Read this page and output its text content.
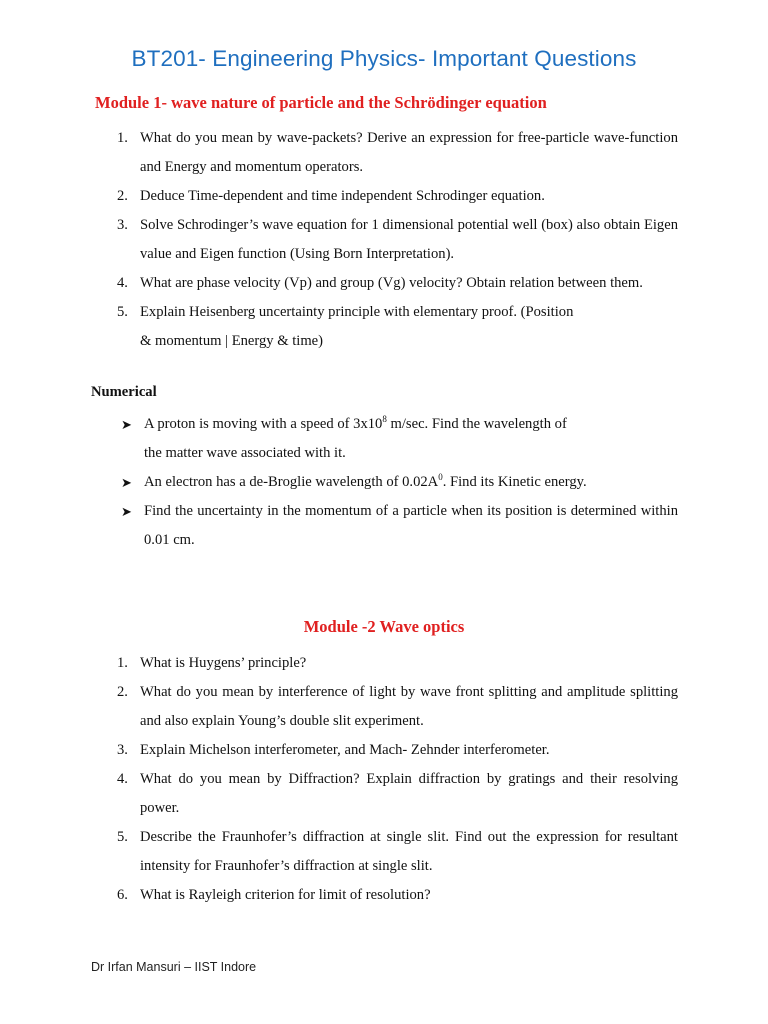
BT201- Engineering Physics- Important Questions
Module 1- wave nature of particle and the Schrödinger equation
1. What do you mean by wave-packets? Derive an expression for free-particle wave-function and Energy and momentum operators.
2. Deduce Time-dependent and time independent Schrodinger equation.
3. Solve Schrodinger’s wave equation for 1 dimensional potential well (box) also obtain Eigen value and Eigen function (Using Born Interpretation).
4. What are phase velocity (Vp) and group (Vg) velocity? Obtain relation between them.
5. Explain Heisenberg uncertainty principle with elementary proof. (Position
& momentum | Energy & time)
Numerical
➤ A proton is moving with a speed of $3x10^8$ m/sec. Find the wavelength of
the matter wave associated with it.
➤ An electron has a de-Broglie wavelength of $0.02A^0$. Find its Kinetic energy.
➤ Find the uncertainty in the momentum of a particle when its position is determined within 0.01 cm.
Module -2 Wave optics
1. What is Huygens’ principle?
2. What do you mean by interference of light by wave front splitting and amplitude splitting and also explain Young’s double slit experiment.
3. Explain Michelson interferometer, and Mach- Zehnder interferometer.
4. What do you mean by Diffraction? Explain diffraction by gratings and their resolving power.
5. Describe the Fraunhofer’s diffraction at single slit. Find out the expression for resultant intensity for Fraunhofer’s diffraction at single slit.
6. What is Rayleigh criterion for limit of resolution?
Dr Irfan Mansuri – IIST Indore
